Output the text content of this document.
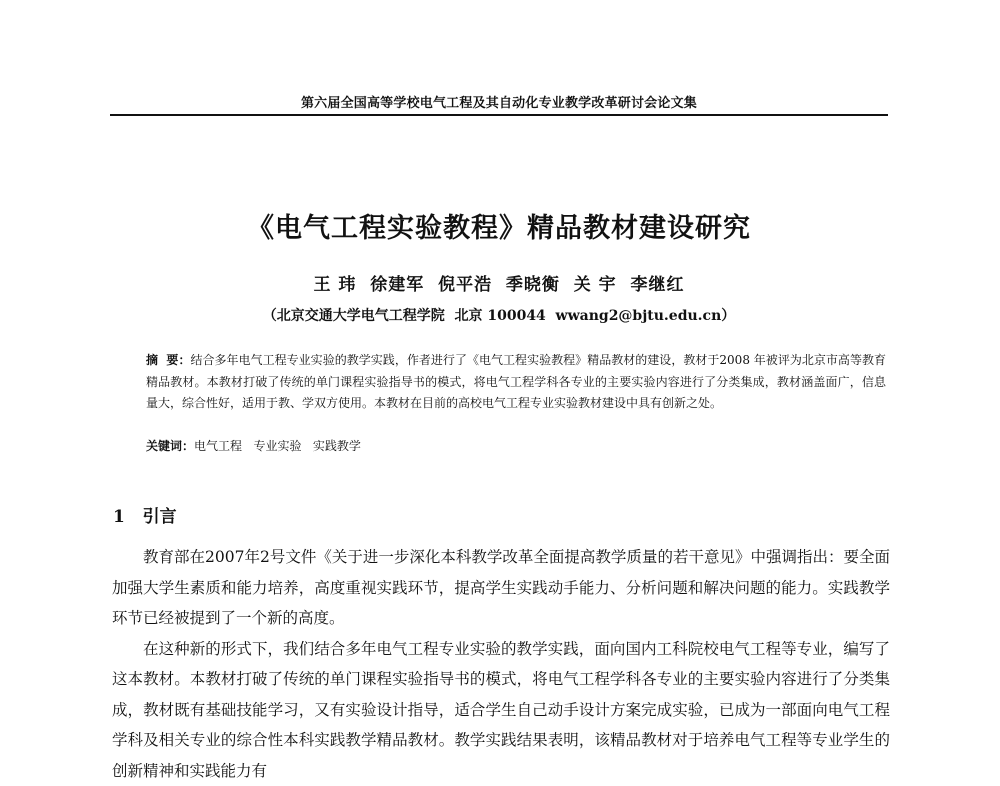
第六届全国高等学校电气工程及其自动化专业教学改革研讨会论文集
《电气工程实验教程》精品教材建设研究
王 玮  徐建军  倪平浩  季晓衡  关 宇  李继红
（北京交通大学电气工程学院  北京 100044  wwang2@bjtu.edu.cn）
摘  要：结合多年电气工程专业实验的教学实践，作者进行了《电气工程实验教程》精品教材的建设，教材于2008 年被评为北京市高等教育精品教材。本教材打破了传统的单门课程实验指导书的模式，将电气工程学科各专业的主要实验内容进行了分类集成，教材涵盖面广，信息量大，综合性好，适用于教、学双方使用。本教材在目前的高校电气工程专业实验教材建设中具有创新之处。
关键词：电气工程   专业实验   实践教学
1 引言

教育部在2007年2号文件《关于进一步深化本科教学改革全面提高教学质量的若干意见》中强调指出：要全面加强大学生素质和能力培养，高度重视实践环节，提高学生实践动手能力、分析问题和解决问题的能力。实践教学环节已经被提到了一个新的高度。

在这种新的形式下，我们结合多年电气工程专业实验的教学实践，面向国内工科院校电气工程等专业，编写了这本教材。本教材打破了传统的单门课程实验指导书的模式，将电气工程学科各专业的主要实验内容进行了分类集成，教材既有基础技能学习，又有实验设计指导，适合学生自己动手设计方案完成实验，已成为一部面向电气工程学科及相关专业的综合性本科实践教学精品教材。教学实践结果表明，该精品教材对于培养电气工程等专业学生的创新精神和实践能力有
